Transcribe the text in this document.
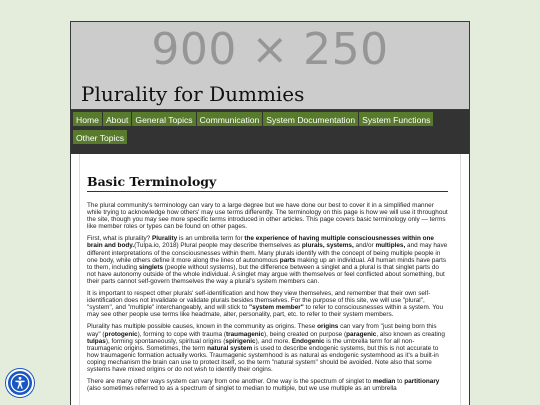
900 × 250
Plurality for Dummies
Home About General Topics Communication System Documentation System Functions
Other Topics
Basic Terminology

The plural community's terminology can vary to a large degree but we have done our best to cover it in a simplified manner while trying to acknowledge how others' may use terms differently. The terminology on this page is how we will use it throughout the site, though you may see more specific terms introduced in other articles. This page covers basic terminology only — terms like member roles or types can be found on other pages.

First, what is plurality? Plurality is an umbrella term for the experience of having multiple consciousnesses within one brain and body.(Tulpa.io, 2018) Plural people may describe themselves as plurals, systems, and/or multiples, and may have different interpretations of the consciousnesses within them. Many plurals identify with the concept of being multiple people in one body, while others define it more along the lines of autonomous parts making up an individual. All human minds have parts to them, including singlets (people without systems), but the difference between a singlet and a plural is that singlet parts do not have autonomy outside of the whole individual. A singlet may argue with themselves or feel conflicted about something, but their parts cannot self-govern themselves the way a plural's system members can.

It is important to respect other plurals' self-identification and how they view themselves, and remember that their own self-identification does not invalidate or validate plurals besides themselves. For the purpose of this site, we will use "plural", "system", and "multiple" interchangeably, and will stick to "system member" to refer to consciousnesses within a system. You may see other people use terms like headmate, alter, personality, part, etc. to refer to their system members.

Plurality has multiple possible causes, known in the community as origins. These origins can vary from "just being born this way" (protogenic), forming to cope with trauma (traumagenic), being created on purpose (paragenic, also known as creating tulpas), forming spontaneously, spiritual origins (spirigenic), and more. Endogenic is the umbrella term for all non-traumagenic origins. Sometimes, the term natural system is used to describe endogenic systems, but this is not accurate to how traumagenic formation actually works. Traumagenic systemhood is as natural as endogenic systemhood as it's a built-in coping mechanism the brain can use to protect itself, so the term "natural system" should be avoided. Note also that some systems have mixed origins or do not wish to identify their origins.

There are many other ways system can vary from one another. One way is the spectrum of singlet to median to partitionary (also sometimes referred to as a spectrum of singlet to median to multiple, but we use multiple as an umbrella
